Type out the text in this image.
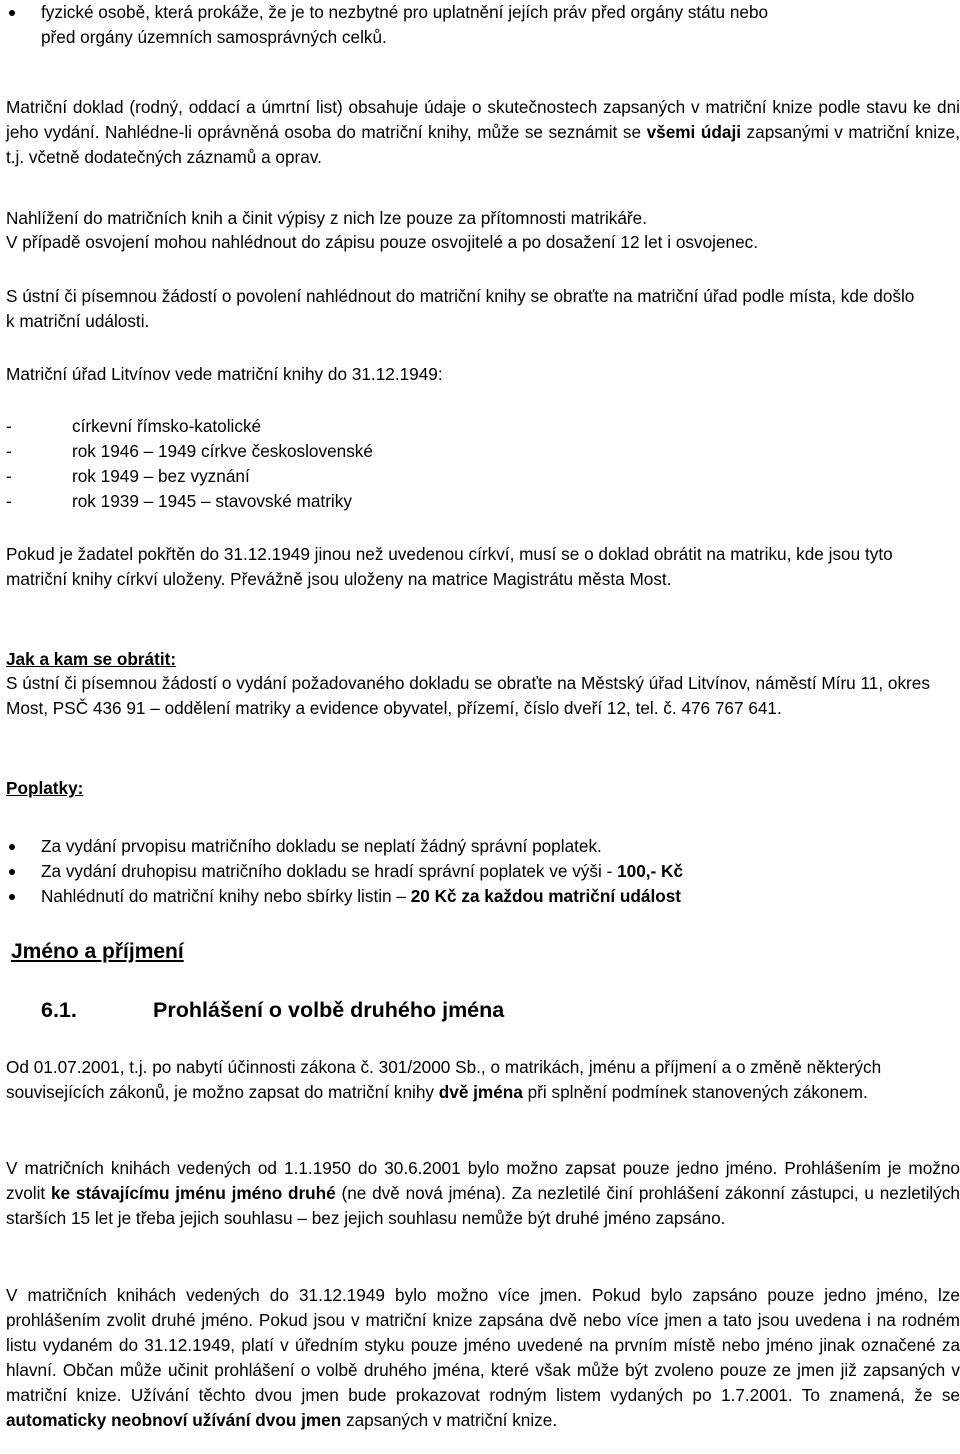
fyzické osobě, která prokáže, že je to nezbytné pro uplatnění jejích práv před orgány státu nebo
před orgány územních samosprávných celků.
Matriční doklad (rodný, oddací a úmrtní list) obsahuje údaje o skutečnostech zapsaných v matriční knize podle stavu ke dni jeho vydání. Nahlédne-li oprávněná osoba do matriční knihy, může se seznámit se všemi údaji zapsanými v matriční knize, t.j. včetně dodatečných záznamů a oprav.
Nahlížení do matričních knih a činit výpisy z nich lze pouze za přítomnosti matrikáře.
V případě osvojení mohou nahlédnout do zápisu pouze osvojitelé a po dosažení 12 let i osvojenec.
S ústní či písemnou žádostí o povolení nahlédnout do matriční knihy se obraťte na matriční úřad podle místa, kde došlo k matriční události.
Matriční úřad Litvínov vede matriční knihy do 31.12.1949:
-	církevní římsko-katolické
-	rok 1946 – 1949 církve československé
-	rok 1949 – bez vyznání
-	rok 1939 – 1945 – stavovské matriky
Pokud je žadatel pokřtěn do 31.12.1949 jinou než uvedenou církví, musí se o doklad obrátit na matriku, kde jsou tyto matriční knihy církví uloženy. Převážně jsou uloženy na matrice Magistrátu města Most.
Jak a kam se obrátit:
S ústní či písemnou žádostí o vydání požadovaného dokladu se obraťte na Městský úřad Litvínov, náměstí Míru 11, okres Most, PSČ 436 91 – oddělení matriky a evidence obyvatel, přízemí, číslo dveří 12, tel. č. 476 767 641.
Poplatky:
Za vydání prvopisu matričního dokladu se neplatí žádný správní poplatek.
Za vydání druhopisu matričního dokladu se hradí správní poplatek ve výši - 100,- Kč
Nahlédnutí do matriční knihy nebo sbírky listin – 20 Kč za každou matriční událost
Jméno a příjmení
6.1.	Prohlášení o volbě druhého jména
Od 01.07.2001, t.j. po nabytí účinnosti zákona č. 301/2000 Sb., o matrikách, jménu a příjmení a o změně některých souvisejících zákonů, je možno zapsat do matriční knihy dvě jména při splnění podmínek stanovených zákonem.
V matričních knihách vedených od 1.1.1950 do 30.6.2001 bylo možno zapsat pouze jedno jméno. Prohlášením je možno zvolit ke stávajícímu jménu jméno druhé (ne dvě nová jména). Za nezletilé činí prohlášení zákonní zástupci, u nezletilých starších 15 let je třeba jejich souhlasu – bez jejich souhlasu nemůže být druhé jméno zapsáno.
V matričních knihách vedených do 31.12.1949 bylo možno více jmen. Pokud bylo zapsáno pouze jedno jméno, lze prohlášením zvolit druhé jméno. Pokud jsou v matriční knize zapsána dvě nebo více jmen a tato jsou uvedena i na rodném listu vydaném do 31.12.1949, platí v úředním styku pouze jméno uvedené na prvním místě nebo jméno jinak označené za hlavní. Občan může učinit prohlášení o volbě druhého jména, které však může být zvoleno pouze ze jmen již zapsaných v matriční knize. Užívání těchto dvou jmen bude prokazovat rodným listem vydaných po 1.7.2001. To znamená, že se automaticky neobnoví užívání dvou jmen zapsaných v matriční knize.
